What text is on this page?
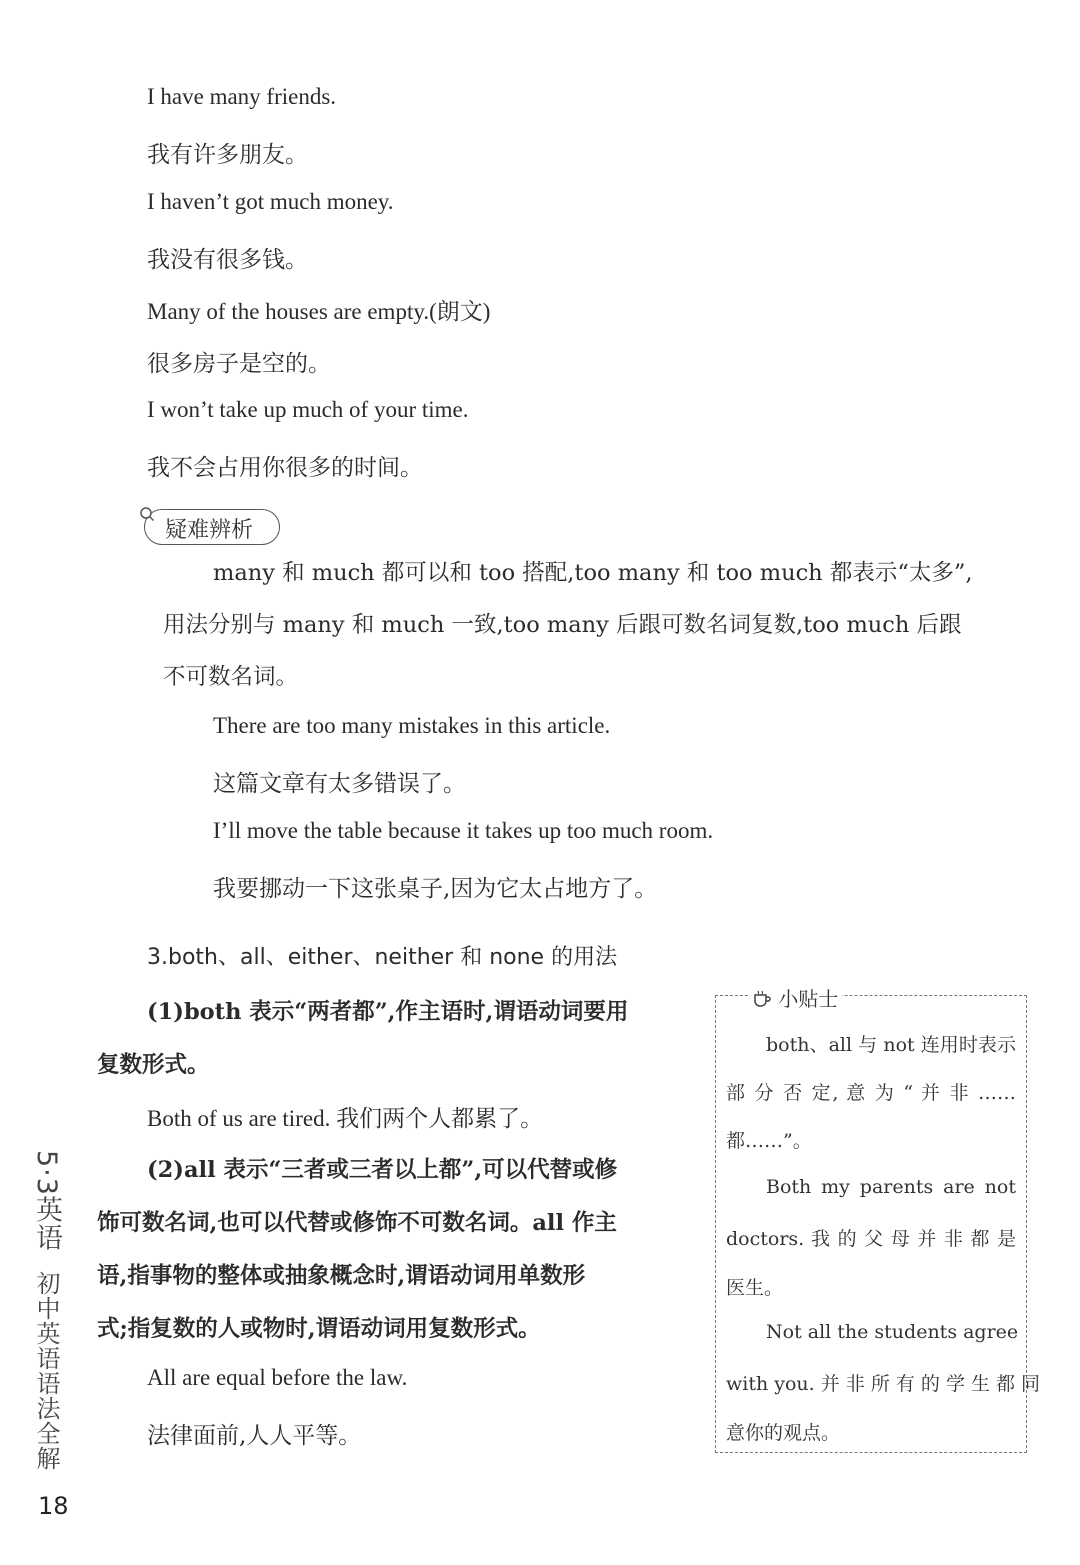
I have many friends.
我有许多朋友。
I haven’t got much money.
我没有很多钱。
Many of the houses are empty.(朗文)
很多房子是空的。
I won’t take up much of your time.
我不会占用你很多的时间。
疑难辨析
many 和 much 都可以和 too 搭配,too many 和 too much 都表示“太多”,
用法分别与 many 和 much 一致,too many 后跟可数名词复数,too much 后跟
不可数名词。
There are too many mistakes in this article.
这篇文章有太多错误了。
I’ll move the table because it takes up too much room.
我要挪动一下这张桌子,因为它太占地方了。
3.both、all、either、neither 和 none 的用法
(1)both 表示“两者都”,作主语时,谓语动词要用
复数形式。
Both of us are tired. 我们两个人都累了。
(2)all 表示“三者或三者以上都”,可以代替或修
饰可数名词,也可以代替或修饰不可数名词。all 作主
语,指事物的整体或抽象概念时,谓语动词用单数形
式;指复数的人或物时,谓语动词用复数形式。
All are equal before the law.
法律面前,人人平等。
小贴士
both、all 与 not 连用时表示
部 分 否 定, 意 为 “ 并 非 ……
都……”。
Both my parents are not
doctors. 我 的 父 母 并 非 都 是
医生。
Not all the students agree
with you. 并 非 所 有 的 学 生 都 同
意你的观点。
5·3英语 初中英语语法全解
18
